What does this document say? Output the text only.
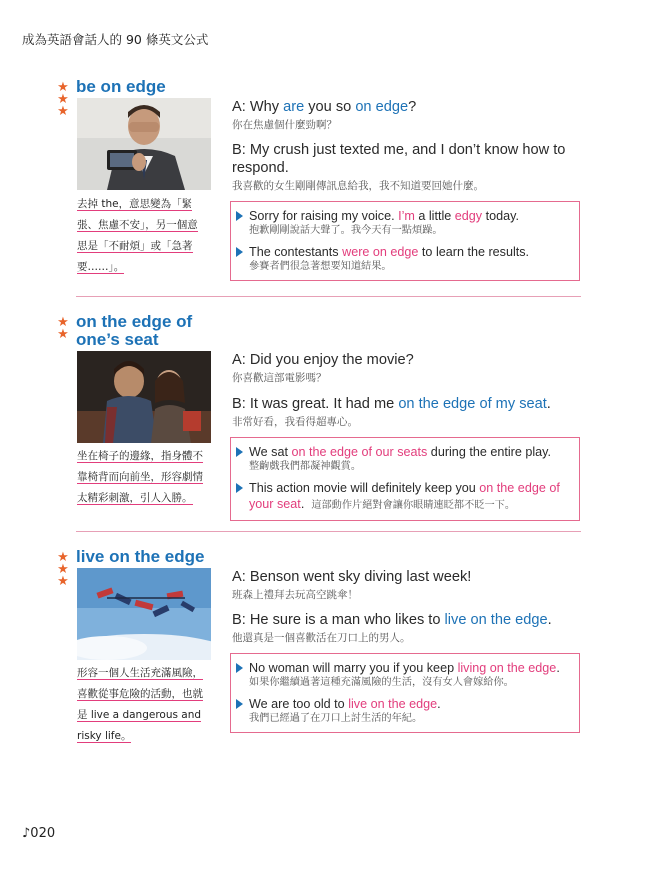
成為英語會話人的 90 條英文公式
★
★
★
be on edge
去掉 the，意思變為「緊
張、焦慮不安」，另一個意
思是「不耐煩」或「急著
要……」。
A: Why are you so on edge?
你在焦慮個什麼勁啊？
B: My crush just texted me, and I don’t know how to respond.
我喜歡的女生剛剛傳訊息給我，我不知道要回她什麼。
Sorry for raising my voice. I’m a little edgy today.
抱歉剛剛說話大聲了。我今天有一點煩躁。
The contestants were on edge to learn the results.
參賽者們很急著想要知道結果。
★
★
on the edge of
one’s seat
坐在椅子的邊緣，指身體不
靠椅背而向前坐，形容劇情
太精彩刺激，引人入勝。
A: Did you enjoy the movie?
你喜歡這部電影嗎？
B: It was great. It had me on the edge of my seat.
非常好看，我看得超專心。
We sat on the edge of our seats during the entire play.
整齣戲我們都凝神觀賞。
This action movie will definitely keep you on the edge of
your seat. 這部動作片絕對會讓你眼睛連眨都不眨一下。
★
★
★
live on the edge
形容一個人生活充滿風險，
喜歡從事危險的活動，也就
是 live a dangerous and
risky life。
A: Benson went sky diving last week!
班森上禮拜去玩高空跳傘！
B: He sure is a man who likes to live on the edge.
他還真是一個喜歡活在刀口上的男人。
No woman will marry you if you keep living on the edge.
如果你繼續過著這種充滿風險的生活，沒有女人會嫁給你。
We are too old to live on the edge.
我們已經過了在刀口上討生活的年紀。
♪020
